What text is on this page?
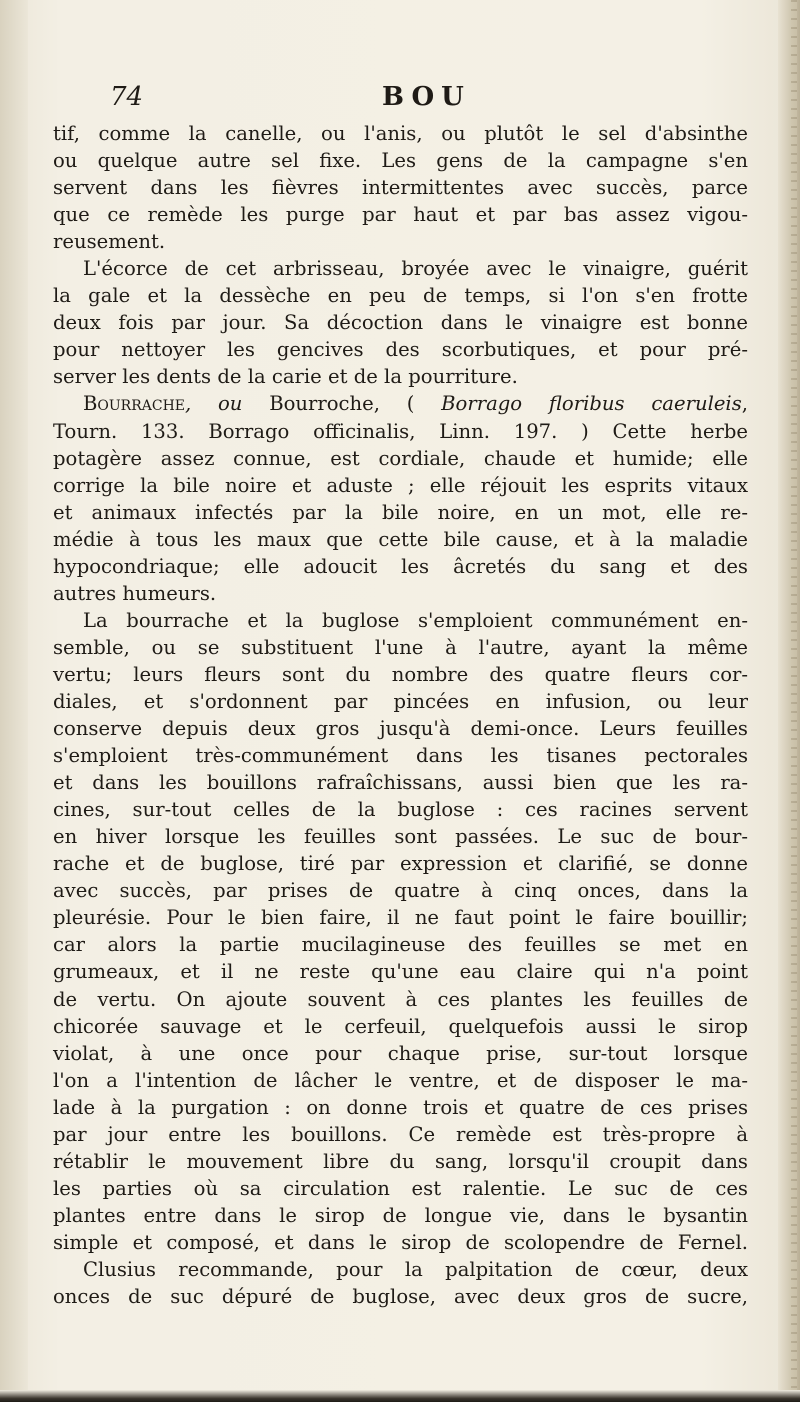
74	BOU
tif, comme la canelle, ou l'anis, ou plutôt le sel d'absinthe
ou quelque autre sel fixe. Les gens de la campagne s'en
servent dans les fièvres intermittentes avec succès, parce
que ce remède les purge par haut et par bas assez vigou-
reusement.
L'écorce de cet arbrisseau, broyée avec le vinaigre, guérit
la gale et la dessèche en peu de temps, si l'on s'en frotte
deux fois par jour. Sa décoction dans le vinaigre est bonne
pour nettoyer les gencives des scorbutiques, et pour pré-
server les dents de la carie et de la pourriture.
Bourrache, ou Bourroche, ( Borrago floribus caeruleis,
Tourn. 133. Borrago officinalis, Linn. 197. ) Cette herbe
potagère assez connue, est cordiale, chaude et humide; elle
corrige la bile noire et aduste ; elle réjouit les esprits vitaux
et animaux infectés par la bile noire, en un mot, elle re-
médie à tous les maux que cette bile cause, et à la maladie
hypocondriaque; elle adoucit les âcretés du sang et des
autres humeurs.
La bourrache et la buglose s'emploient communément en-
semble, ou se substituent l'une à l'autre, ayant la même
vertu; leurs fleurs sont du nombre des quatre fleurs cor-
diales, et s'ordonnent par pincées en infusion, ou leur
conserve depuis deux gros jusqu'à demi-once. Leurs feuilles
s'emploient très-communément dans les tisanes pectorales
et dans les bouillons rafraîchissans, aussi bien que les ra-
cines, sur-tout celles de la buglose : ces racines servent
en hiver lorsque les feuilles sont passées. Le suc de bour-
rache et de buglose, tiré par expression et clarifié, se donne
avec succès, par prises de quatre à cinq onces, dans la
pleurésie. Pour le bien faire, il ne faut point le faire bouillir;
car alors la partie mucilagineuse des feuilles se met en
grumeaux, et il ne reste qu'une eau claire qui n'a point
de vertu. On ajoute souvent à ces plantes les feuilles de
chicorée sauvage et le cerfeuil, quelquefois aussi le sirop
violat, à une once pour chaque prise, sur-tout lorsque
l'on a l'intention de lâcher le ventre, et de disposer le ma-
lade à la purgation : on donne trois et quatre de ces prises
par jour entre les bouillons. Ce remède est très-propre à
rétablir le mouvement libre du sang, lorsqu'il croupit dans
les parties où sa circulation est ralentie. Le suc de ces
plantes entre dans le sirop de longue vie, dans le bysantin
simple et composé, et dans le sirop de scolopendre de Fernel.
Clusius recommande, pour la palpitation de cœur, deux
onces de suc dépuré de buglose, avec deux gros de sucre,
